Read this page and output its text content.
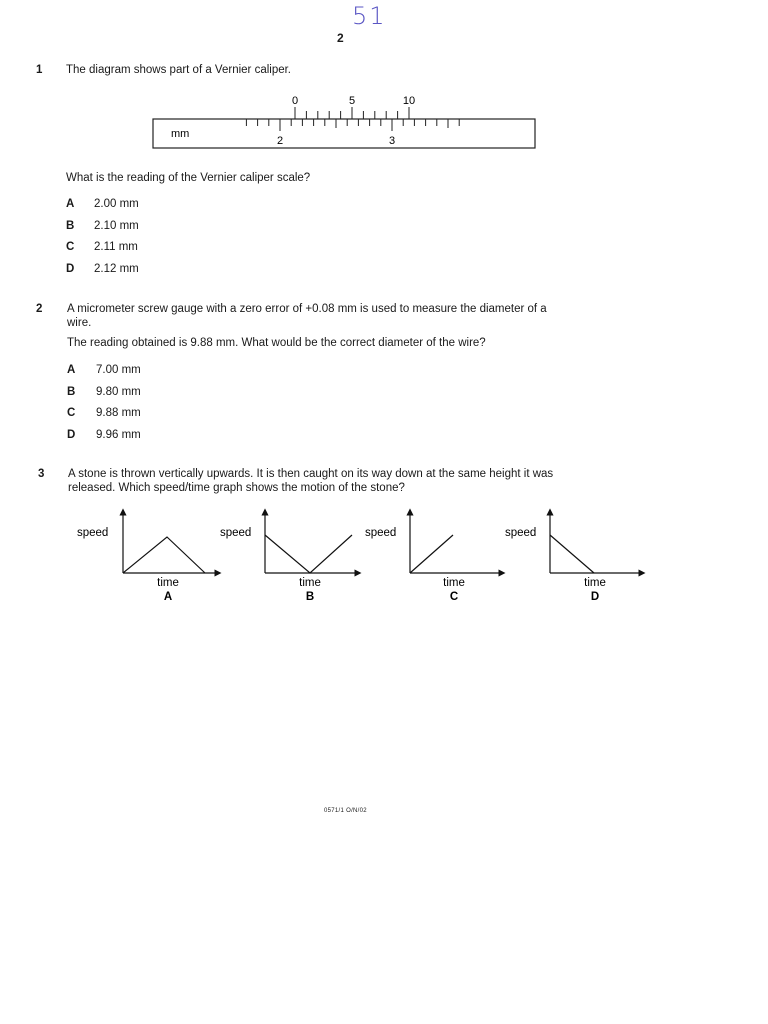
51
2
1 The diagram shows part of a Vernier caliper.
mm
2	3
0	5	10
What is the reading of the Vernier caliper scale?
A 2.00 mm
B 2.10 mm
C 2.11 mm
D 2.12 mm
2 A micrometer screw gauge with a zero error of +0.08 mm is used to measure the diameter of a
wire.
The reading obtained is 9.88 mm. What would be the correct diameter of the wire?
A 7.00 mm
B 9.80 mm
C 9.88 mm
D 9.96 mm
3 A stone is thrown vertically upwards. It is then caught on its way down at the same height it was
released. Which speed/time graph shows the motion of the stone?
speed
time
A
speed
time
B
speed
time
C
speed
time
D
0571/1 O/N/02
